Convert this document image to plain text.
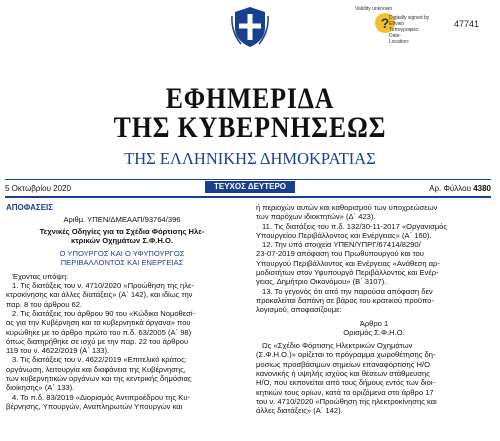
Validity unknown
? Digitally signed by
Εθνικό
Τυπογραφείο
Date:
Location:
47741
ΕΦΗΜΕΡΙΔΑ
ΤΗΣ ΚΥΒΕΡΝΗΣΕΩΣ
ΤΗΣ ΕΛΛΗΝΙΚΗΣ ΔΗΜΟΚΡΑΤΙΑΣ
5 Οκτωβρίου 2020	ΤΕΥΧΟΣ ΔΕΥΤΕΡΟ	Αρ. Φύλλου 4380
ΑΠΟΦΑΣΕΙΣ
Αριθμ. ΥΠΕΝ/ΔΜΕΑΑΠ/93764/396
Τεχνικές Οδηγίες για τα Σχέδια Φόρτισης Ηλε-
κτρικών Οχημάτων Σ.Φ.Η.Ο.
Ο ΥΠΟΥΡΓΟΣ ΚΑΙ Ο ΥΦΥΠΟΥΡΓΟΣ
ΠΕΡΙΒΑΛΛΟΝΤΟΣ ΚΑΙ ΕΝΕΡΓΕΙΑΣ
Έχοντας υπόψη:
1. Τις διατάξεις του ν. 4710/2020 «Προώθηση της ηλε-
κτροκίνησης και άλλες διατάξεις» (Α΄ 142), και ιδίως την
παρ. 8 του άρθρου 62.
2. Τις διατάξεις του άρθρου 90 του «Κώδικα Νομοθεσί-
ας για την Κυβέρνηση και τα κυβερνητικά όργανα» που
κυρώθηκε με το άρθρο πρώτο του π.δ. 63/2005 (Α΄ 98)
όπως διατηρήθηκε σε ισχύ με την παρ. 22 του άρθρου
119 του ν. 4622/2019 (Α΄ 133).
3. Τις διατάξεις του ν. 4622/2019 «Επιτελικό κράτος:
οργάνωση, λειτουργία και διαφάνεια της Κυβέρνησης,
των κυβερνητικών οργάνων και της κεντρικής δημόσιας
διοίκησης» (Α΄ 133).
4. Το π.δ. 83/2019 «Διορισμός Αντιπροέδρου της Κυ-
βέρνησης, Υπουργών, Αναπληρωτών Υπουργών και
ή περιοχών αυτών και καθορισμού των υποχρεώσεων
των παρόχων ιδιοκτητών» (Δ΄ 423).
11. Τις διατάξεις του π.δ. 132/30-11-2017 «Οργανισμός
Υπουργείου Περιβάλλοντος και Ενέργειας» (Α΄ 160).
12. Την υπό στοιχεία ΥΠΕΝ/ΥΠΡΓ/67414/8290/
23-07-2019 απόφαση του Πρωθυπουργού και του
Υπουργού Περιβάλλοντος και Ενέργειας «Ανάθεση αρ-
μοδιοτήτων στον Υφυπουργό Περιβάλλοντος και Ενέρ-
γειας, Δημήτριο Οικονόμου» (Β΄ 3107).
13. Το γεγονός ότι από την παρούσα απόφαση δεν
προκαλείται δαπάνη σε βάρος του κρατικού προϋπο-
λογισμού, αποφασίζουμε:
Άρθρο 1
Ορισμός Σ.Φ.Η.Ο.
Ως «Σχέδιο Φόρτισης Ηλεκτρικών Οχημάτων
(Σ.Φ.Η.Ο.)» ορίζεται το πρόγραμμα χωροθέτησης δη-
μοσίως προσβάσιμων σημείων επαναφόρτισης Η/Ο
κανονικής ή υψηλής ισχύος και θέσεων στάθμευσης
Η/Ο, που εκπονείται από τους δήμους εντός των διοι-
κητικών τους ορίων, κατά τα οριζόμενα στο άρθρο 17
του ν. 4710/2020 «Προώθηση της ηλεκτροκίνησης και
άλλες διατάξεις» (Α΄ 142).
